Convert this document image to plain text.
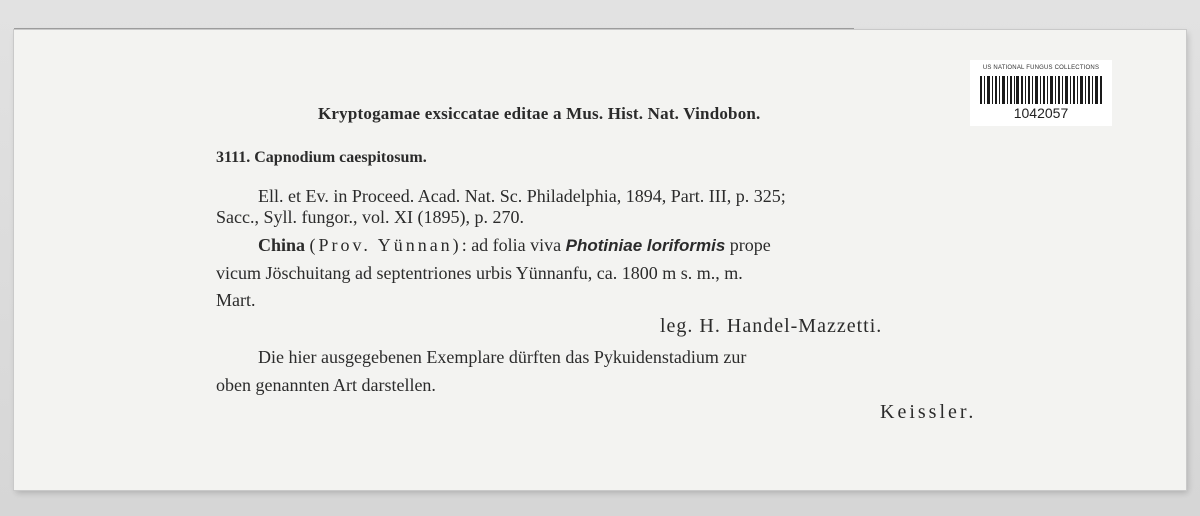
Kryptogamae exsiccatae editae a Mus. Hist. Nat. Vindobon.
US NATIONAL FUNGUS COLLECTIONS
1042057
3111. Capnodium caespitosum.
Ell. et Ev. in Proceed. Acad. Nat. Sc. Philadelphia, 1894, Part. III, p. 325;
Sacc., Syll. fungor., vol. XI (1895), p. 270.
China (Prov. Yünnan): ad folia viva Photiniae loriformis prope
vicum Jöschuitang ad septentriones urbis Yünnanfu, ca. 1800 m s. m., m.
Mart.
leg. H. Handel-Mazzetti.
Die hier ausgegebenen Exemplare dürften das Pykuidenstadium zur
oben genannten Art darstellen.
Keissler.
